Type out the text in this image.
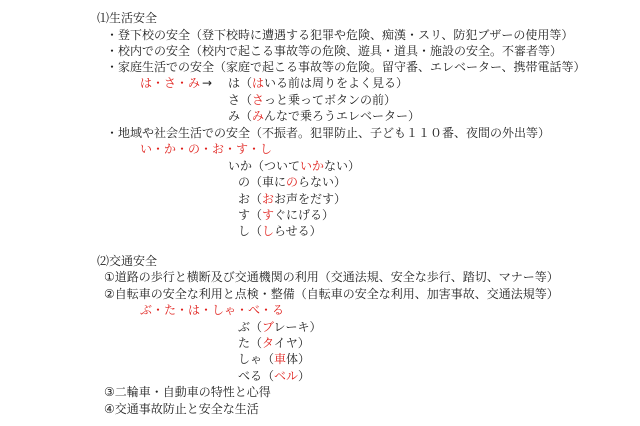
⑴生活安全
・登下校の安全（登下校時に遭遇する犯罪や危険、痴漢・スリ、防犯ブザーの使用等）
・校内での安全（校内で起こる事故等の危険、遊具・道具・施設の安全。不審者等）
・家庭生活での安全（家庭で起こる事故等の危険。留守番、エレベーター、携帯電話等）
は・さ・み → は（はいる前は周りをよく見る）
さ（さっと乗ってボタンの前）
み（みんなで乗ろうエレベーター）
・地域や社会生活での安全（不振者。犯罪防止、子ども１１０番、夜間の外出等）
い・か・の・お・す・し
いか（ついていかない）
の（車にのらない）
お（おお声をだす）
す（すぐにげる）
し（しらせる）
⑵交通安全
①道路の歩行と横断及び交通機関の利用（交通法規、安全な歩行、踏切、マナー等）
②自転車の安全な利用と点検・整備（自転車の安全な利用、加害事故、交通法規等）
ぶ・た・は・しゃ・べ・る
ぶ（ブレーキ）
た（タイヤ）
しゃ（車体）
べる（ベル）
③二輪車・自動車の特性と心得
④交通事故防止と安全な生活
